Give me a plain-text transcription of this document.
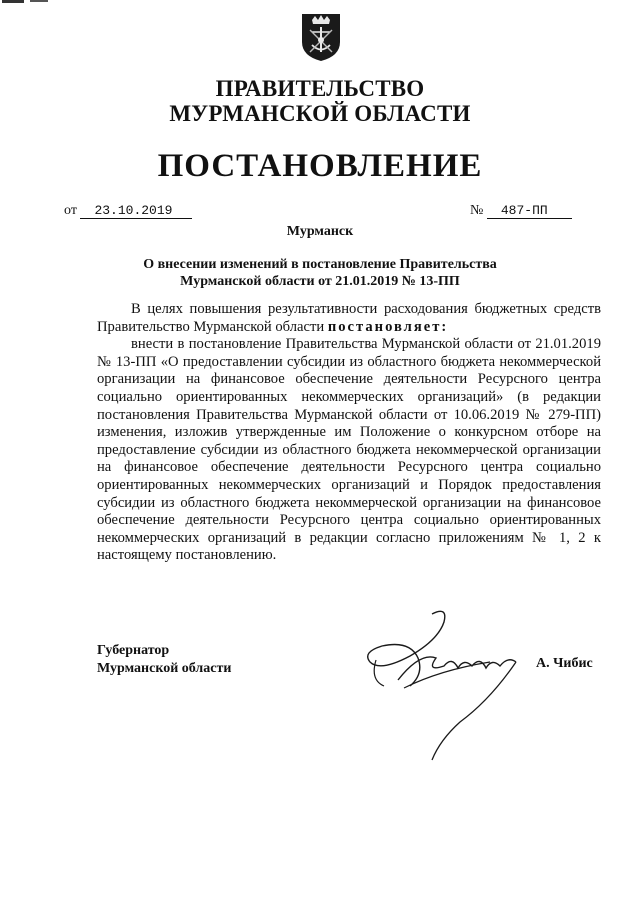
ПРАВИТЕЛЬСТВО
МУРМАНСКОЙ ОБЛАСТИ
ПОСТАНОВЛЕНИЕ
от 23.10.2019	№ 487-ПП
Мурманск
О внесении изменений в постановление Правительства
Мурманской области от 21.01.2019 № 13-ПП

В целях повышения результативности расходования бюджетных средств Правительство Мурманской области постановляет:

внести в постановление Правительства Мурманской области от 21.01.2019 № 13-ПП «О предоставлении субсидии из областного бюджета некоммерческой организации на финансовое обеспечение деятельности Ресурсного центра социально ориентированных некоммерческих организаций» (в редакции постановления Правительства Мурманской области от 10.06.2019 № 279-ПП) изменения, изложив утвержденные им Положение о конкурсном отборе на предоставление субсидии из областного бюджета некоммерческой организации на финансовое обеспечение деятельности Ресурсного центра социально ориентированных некоммерческих организаций и Порядок предоставления субсидии из областного бюджета некоммерческой организации на финансовое обеспечение деятельности Ресурсного центра социально ориентированных некоммерческих организаций в редакции согласно приложениям № 1, 2 к настоящему постановлению.

Губернатор
Мурманской области	А. Чибис
